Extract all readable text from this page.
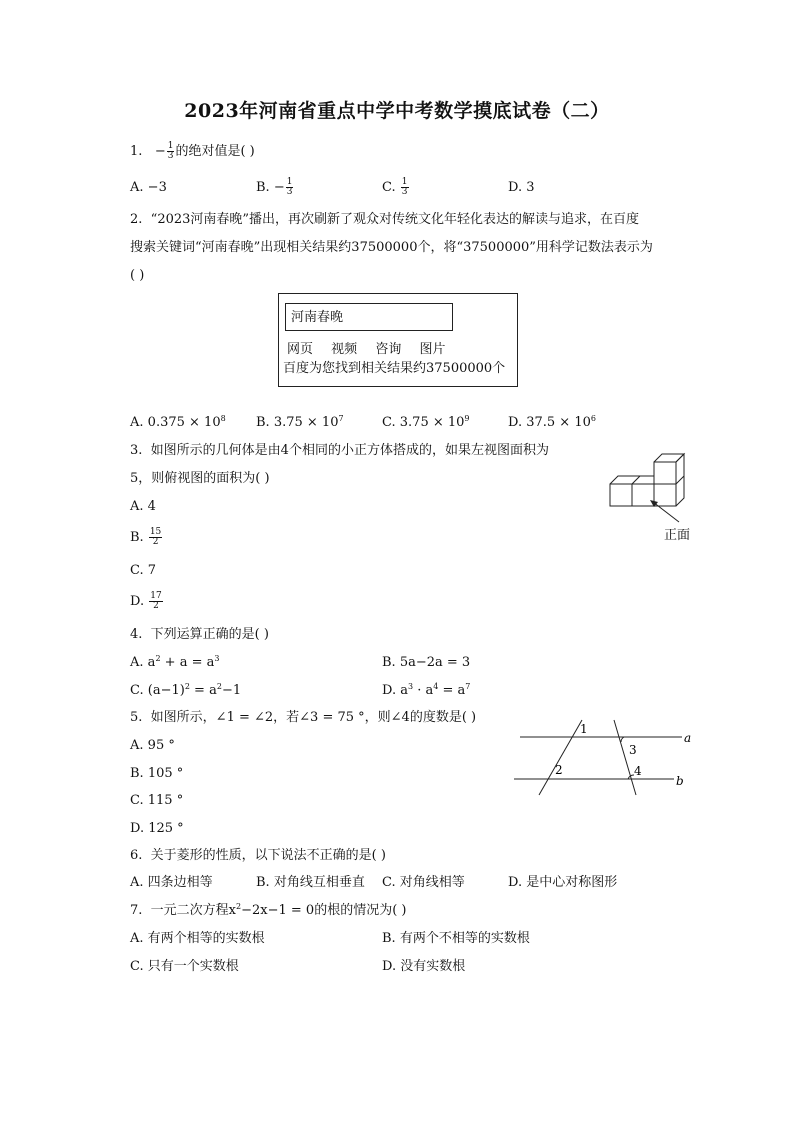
2023年河南省重点中学中考数学摸底试卷（二）
1. − $\frac{1}{3}$ 的绝对值是( )
A. −3	B. − $\frac{1}{3}$	C. $\frac{1}{3}$	D. 3
2. “2023河南春晚”播出，再次刷新了观众对传统文化年轻化表达的解读与追求，在百度
搜索关键词“河南春晚”出现相关结果约37500000个，将“37500000”用科学记数法表示为
( )
河南春晚
网页 视频 咨询 图片
百度为您找到相关结果约37500000个
A. $0.375 \times 10^8$ B. $3.75 \times 10^7$	C. $3.75 \times 10^9$	D. $37.5 \times 10^6$
3. 如图所示的几何体是由4个相同的小正方体搭成的，如果左视图面积为
5，则俯视图的面积为( )
正面
A. 4
B. $\frac{15}{2}$
C. 7
D. $\frac{17}{2}$
4. 下列运算正确的是( )
A. $a^2 + a = a^3$	B. 5a−2a = 3
C. $(a-1)^2 = a^2-1$	D. $a^3 \cdot a^4 = a^7$
5. 如图所示，∠1 = ∠2，若∠3 = 75 °，则∠4的度数是( )
A. 95 °
B. 105 °
C. 115 °
D. 125 °
1
2
3
4
a
b
6. 关于菱形的性质，以下说法不正确的是( )
A. 四条边相等	B. 对角线互相垂直 C. 对角线相等	D. 是中心对称图形
7. 一元二次方程$x^2-2x-1 = 0$的根的情况为( )
A. 有两个相等的实数根	B. 有两个不相等的实数根
C. 只有一个实数根	D. 没有实数根
